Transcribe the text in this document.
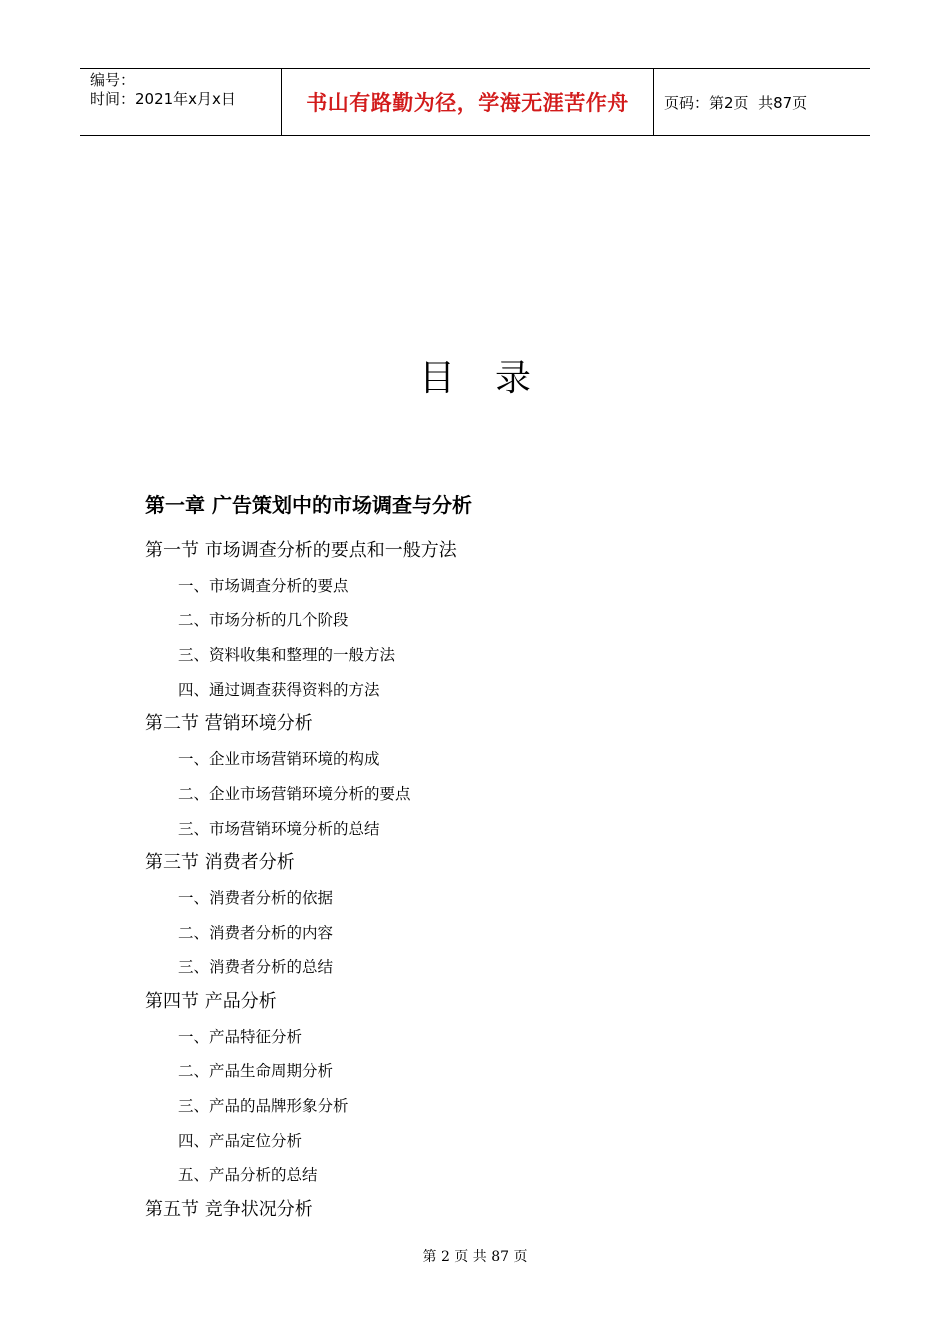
编号：
时间：2021年x月x日	书山有路勤为径，学海无涯苦作舟 页码：第2页  共87页
目录
第一章 广告策划中的市场调查与分析
第一节 市场调查分析的要点和一般方法
一、市场调查分析的要点
二、市场分析的几个阶段
三、资料收集和整理的一般方法
四、通过调查获得资料的方法
第二节 营销环境分析
一、企业市场营销环境的构成
二、企业市场营销环境分析的要点
三、市场营销环境分析的总结
第三节 消费者分析
一、消费者分析的依据
二、消费者分析的内容
三、消费者分析的总结
第四节 产品分析
一、产品特征分析
二、产品生命周期分析
三、产品的品牌形象分析
四、产品定位分析
五、产品分析的总结
第五节 竞争状况分析
第 2 页 共 87 页
